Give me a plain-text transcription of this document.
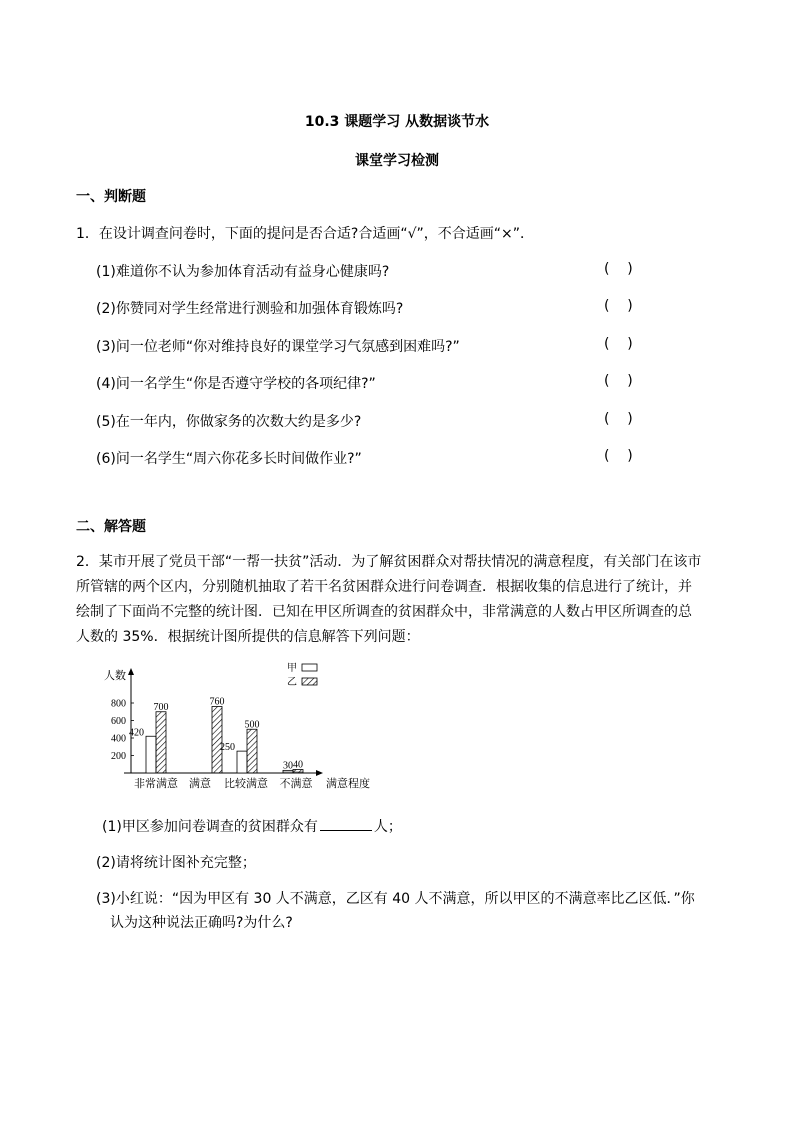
10.3 课题学习 从数据谈节水
课堂学习检测
一、判断题
1．在设计调查问卷时，下面的提问是否合适?合适画“√”，不合适画“×”．
(1)难道你不认为参加体育活动有益身心健康吗?	(    )
(2)你赞同对学生经常进行测验和加强体育锻炼吗?	(    )
(3)问一位老师“你对维持良好的课堂学习气氛感到困难吗?”	(    )
(4)问一名学生“你是否遵守学校的各项纪律?”	(    )
(5)在一年内，你做家务的次数大约是多少?	(    )
(6)问一名学生“周六你花多长时间做作业?”	(    )
二、解答题
2．某市开展了党员干部“一帮一扶贫”活动．为了解贫困群众对帮扶情况的满意程度，有关部门在该市
所管辖的两个区内，分别随机抽取了若干名贫困群众进行问卷调查．根据收集的信息进行了统计，并
绘制了下面尚不完整的统计图．已知在甲区所调查的贫困群众中，非常满意的人数占甲区所调查的总
人数的 35%．根据统计图所提供的信息解答下列问题：
人数
甲
乙
200
400
600
800
420
700	760
250
500
30 40
非常满意 满意 比较满意 不满意 满意程度
(1)甲区参加问卷调查的贫困群众有	人；
(2)请将统计图补充完整；
(3)小红说：“因为甲区有 30 人不满意，乙区有 40 人不满意，所以甲区的不满意率比乙区低．”你
认为这种说法正确吗?为什么?
